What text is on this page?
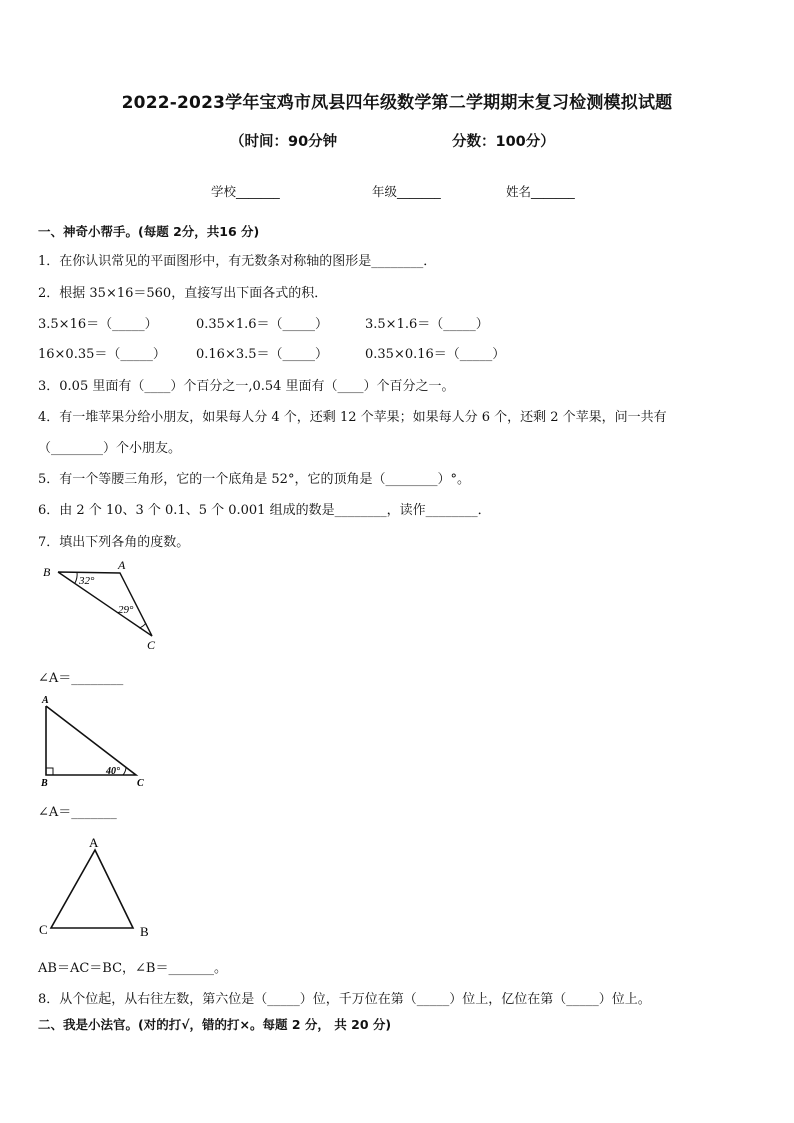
2022-2023学年宝鸡市凤县四年级数学第二学期期末复习检测模拟试题
（时间：90分钟	分数：100分）
学校_______	年级_______	姓名_______
一、神奇小帮手。(每题 2分，共16 分)
1．在你认识常见的平面图形中，有无数条对称轴的图形是________．
2．根据 35×16＝560，直接写出下面各式的积．
3.5×16＝（_____）	0.35×1.6＝（_____）	3.5×1.6＝（_____）
16×0.35＝（_____） 0.16×3.5＝（_____）	0.35×0.16＝（_____）
3．0.05 里面有（____）个百分之一,0.54 里面有（____）个百分之一。
4．有一堆苹果分给小朋友，如果每人分 4 个，还剩 12 个苹果；如果每人分 6 个，还剩 2 个苹果，问一共有
（________）个小朋友。
5．有一个等腰三角形，它的一个底角是 52°，它的顶角是（________）°。
6．由 2 个 10、3 个 0.1、5 个 0.001 组成的数是________，读作________．
7．填出下列各角的度数。
B	A
C
32°
29°
∠A＝________
A
B	C
40°
∠A＝_______
A
C	B
AB＝AC＝BC，∠B＝_______。
8．从个位起，从右往左数，第六位是（_____）位，千万位在第（_____）位上，亿位在第（_____）位上。
二、我是小法官。(对的打√，错的打×。每题 2 分， 共 20 分)
